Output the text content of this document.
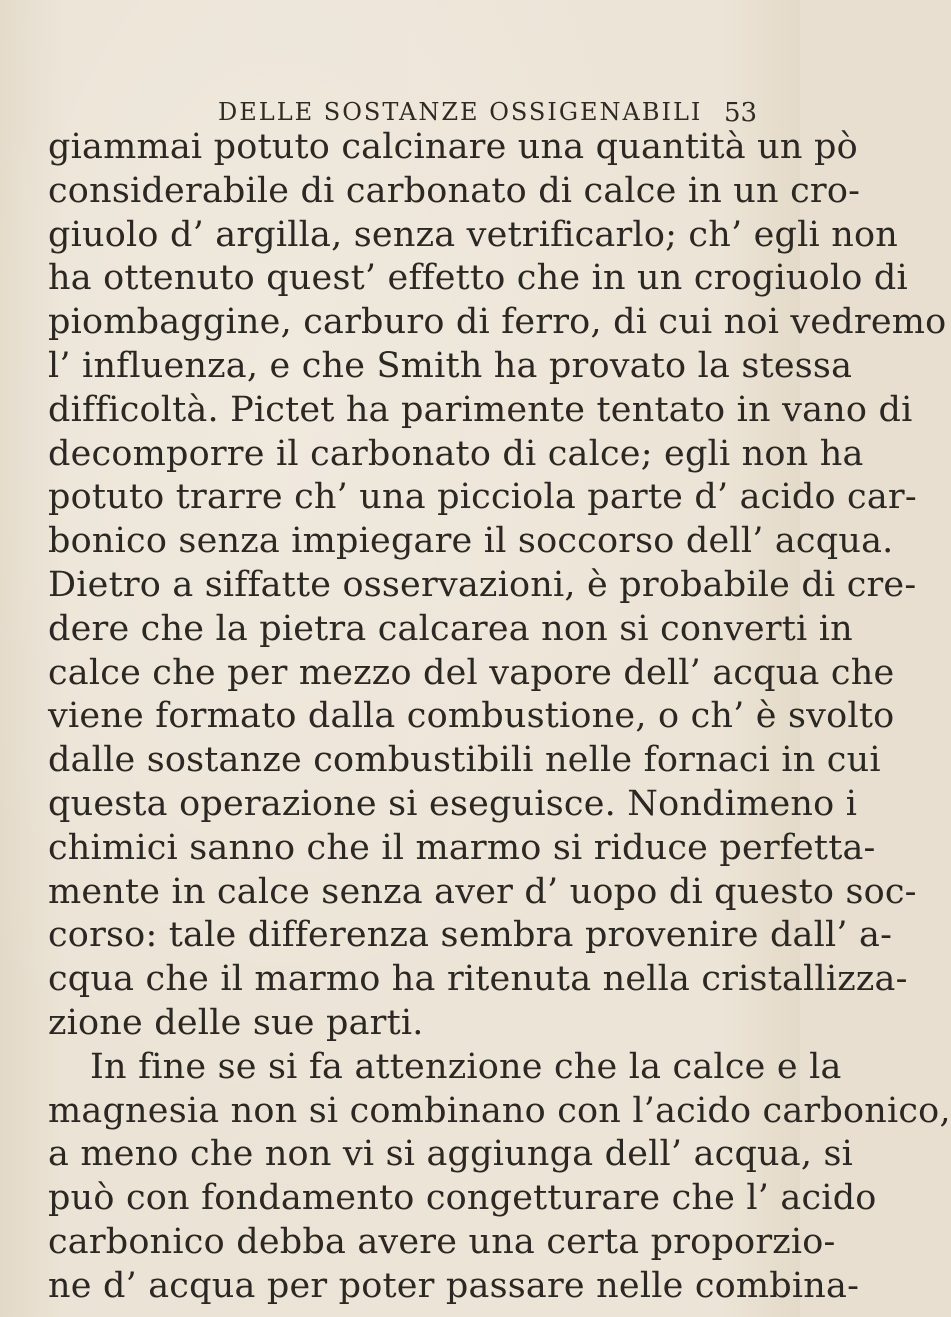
DELLE SOSTANZE OSSIGENABILI 53
giammai potuto calcinare una quantità un pò
considerabile di carbonato di calce in un cro-
giuolo d’ argilla, senza vetrificarlo; ch’ egli non
ha ottenuto quest’ effetto che in un crogiuolo di
piombaggine, carburo di ferro, di cui noi vedremo
l’ influenza, e che Smith ha provato la stessa
difficoltà. Pictet ha parimente tentato in vano di
decomporre il carbonato di calce; egli non ha
potuto trarre ch’ una picciola parte d’ acido car-
bonico senza impiegare il soccorso dell’ acqua.
Dietro a siffatte osservazioni, è probabile di cre-
dere che la pietra calcarea non si converti in
calce che per mezzo del vapore dell’ acqua che
viene formato dalla combustione, o ch’ è svolto
dalle sostanze combustibili nelle fornaci in cui
questa operazione si eseguisce. Nondimeno i
chimici sanno che il marmo si riduce perfetta-
mente in calce senza aver d’ uopo di questo soc-
corso: tale differenza sembra provenire dall’ a-
cqua che il marmo ha ritenuta nella cristallizza-
zione delle sue parti.
In fine se si fa attenzione che la calce e la
magnesia non si combinano con l’acido carbonico,
a meno che non vi si aggiunga dell’ acqua, si
può con fondamento congetturare che l’ acido
carbonico debba avere una certa proporzio-
ne d’ acqua per poter passare nelle combina-
